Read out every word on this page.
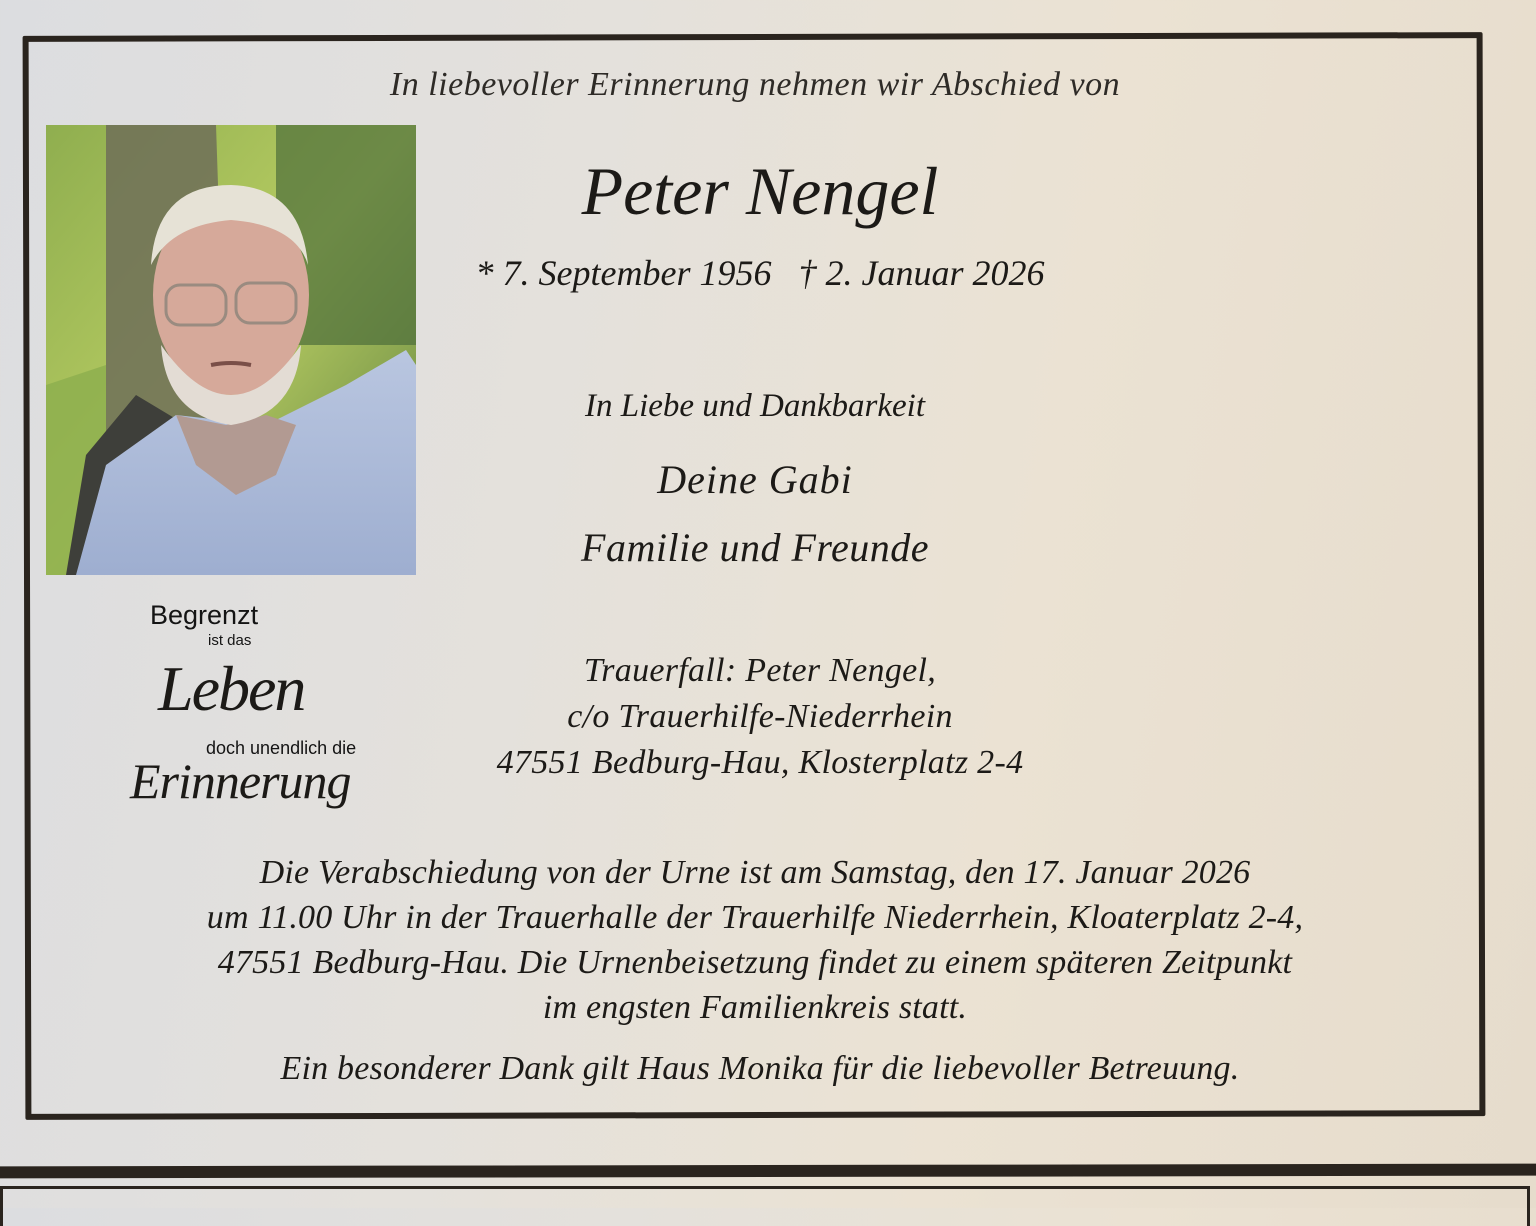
In liebevoller Erinnerung nehmen wir Abschied von
Peter Nengel
* 7. September 1956   † 2. Januar 2026
Begrenzt
ist das
Leben
doch unendlich die
Erinnerung
In Liebe und Dankbarkeit
Deine Gabi
Familie und Freunde
Trauerfall: Peter Nengel,
c/o Trauerhilfe-Niederrhein
47551 Bedburg-Hau, Klosterplatz 2-4
Die Verabschiedung von der Urne ist am Samstag, den 17. Januar 2026
um 11.00 Uhr in der Trauerhalle der Trauerhilfe Niederrhein, Kloaterplatz 2-4,
47551 Bedburg-Hau. Die Urnenbeisetzung findet zu einem späteren Zeitpunkt
im engsten Familienkreis statt.
Ein besonderer Dank gilt Haus Monika für die liebevoller Betreuung.
